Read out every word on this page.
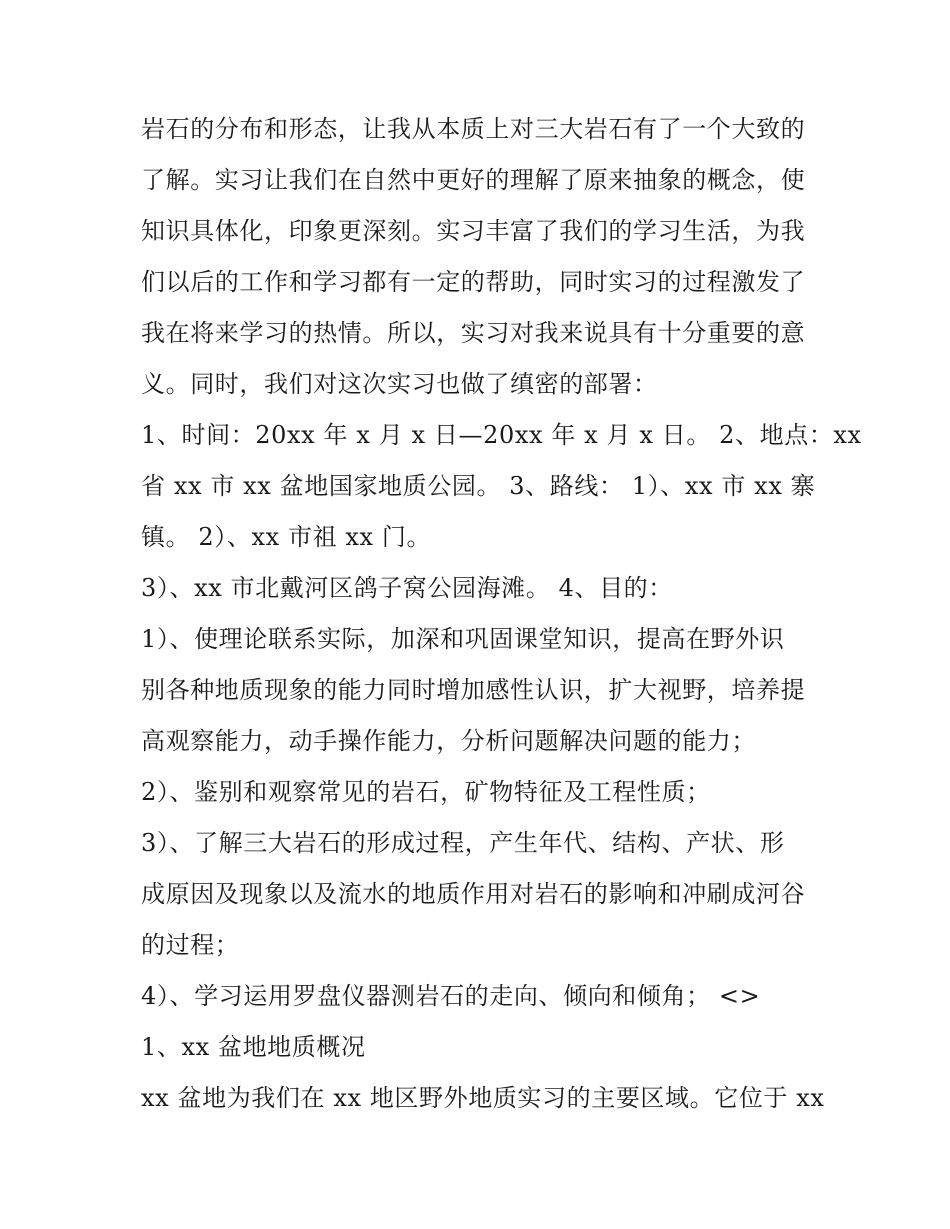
岩石的分布和形态，让我从本质上对三大岩石有了一个大致的
了解。实习让我们在自然中更好的理解了原来抽象的概念，使
知识具体化，印象更深刻。实习丰富了我们的学习生活，为我
们以后的工作和学习都有一定的帮助，同时实习的过程激发了
我在将来学习的热情。所以，实习对我来说具有十分重要的意
义。同时，我们对这次实习也做了缜密的部署：
1、时间：20xx 年 x 月 x 日—20xx 年 x 月 x 日。 2、地点：xx
省 xx 市 xx 盆地国家地质公园。 3、路线： 1）、xx 市 xx 寨
镇。 2）、xx 市祖 xx 门。
3）、xx 市北戴河区鸽子窝公园海滩。 4、目的：
1）、使理论联系实际，加深和巩固课堂知识，提高在野外识
别各种地质现象的能力同时增加感性认识，扩大视野，培养提
高观察能力，动手操作能力，分析问题解决问题的能力；
2）、鉴别和观察常见的岩石，矿物特征及工程性质；
3）、了解三大岩石的形成过程，产生年代、结构、产状、形
成原因及现象以及流水的地质作用对岩石的影响和冲刷成河谷
的过程；
4）、学习运用罗盘仪器测岩石的走向、倾向和倾角； <>
1、xx 盆地地质概况
xx 盆地为我们在 xx 地区野外地质实习的主要区域。它位于 xx
